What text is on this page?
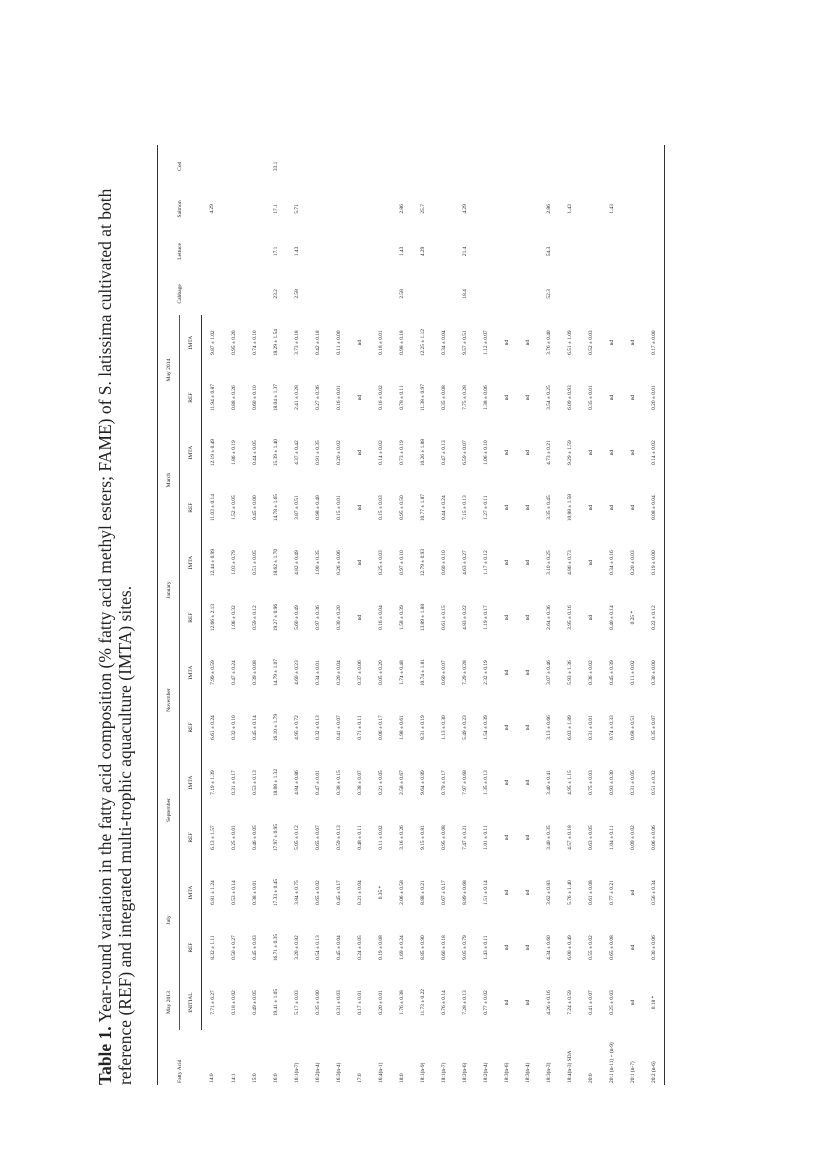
Table 1. Year-round variation in the fatty acid composition (% fatty acid methyl esters; FAME) of S. latissima cultivated at both reference (REF) and integrated multi-trophic aquaculture (IMTA) sites.	Fatty Acid	May 2013	July		September		November		January		March		May 2014		Cabbage	Lettuce	Salmon	Cod
	INITIAL	REF	IMTA	REF	IMTA	REF	IMTA	REF	IMTA	REF	IMTA	REF	IMTA				
14:0	7.71 ± 0.27	8.32 ± 1.11	6.81 ± 1.24	6.13 ± 1.57	7.19 ± 1.39	6.61 ± 0.24	7.99 ± 0.59	12.66 ± 2.13	12.44 ± 0.99	11.03 ± 0.14	12.19 ± 0.49	11.94 ± 0.87	9.87 ± 1.02			4.29	
14:1	0.18 ± 0.02	0.50 ± 0.27	0.53 ± 0.14	0.25 ± 0.01	0.31 ± 0.17	0.32 ± 0.10	0.47 ± 0.24	1.06 ± 0.32	1.03 ± 0.79	1.52 ± 0.05	1.86 ± 0.19	0.88 ± 0.26	0.95 ± 0.20				
15:0	0.49 ± 0.05	0.45 ± 0.03	0.38 ± 0.01	0.46 ± 0.05	0.53 ± 0.13	0.45 ± 0.14	0.39 ± 0.08	0.59 ± 0.12	0.51 ± 0.05	0.45 ± 0.00	0.44 ± 0.05	0.60 ± 0.10	0.74 ± 0.10				
16:0	19.41 ± 1.05	16.71 ± 0.35	17.33 ± 0.45	17.97 ± 0.95	18.08 ± 1.32	16.10 ± 1.79	14.79 ± 1.07	19.27 ± 0.96	18.62 ± 1.70	14.78 ± 1.65	15.39 ± 1.40	18.04 ± 1.37	18.29 ± 1.54	23.2	17.1	17.1	33.1
16:1(n-7)	5.17 ± 0.03	3.20 ± 0.82	3.84 ± 0.75	5.05 ± 0.12	4.84 ± 0.86	4.95 ± 0.72	4.60 ± 0.23	5.60 ± 0.49	4.82 ± 0.49	3.87 ± 0.51	4.37 ± 0.42	2.41 ± 0.28	3.73 ± 0.18	2.58	1.43	5.71	
16:2(n-4)	0.35 ± 0.00	0.54 ± 0.13	0.65 ± 0.02	0.65 ± 0.07	0.47 ± 0.01	0.32 ± 0.13	0.34 ± 0.01	0.97 ± 0.36	1.00 ± 0.35	0.98 ± 0.40	0.91 ± 0.35	0.27 ± 0.36	0.42 ± 0.18				
16:3(n-4)	0.31 ± 0.03	0.45 ± 0.04	0.45 ± 0.17	0.59 ± 0.13	0.38 ± 0.15	0.41 ± 0.07	0.20 ± 0.04	0.30 ± 0.20	0.26 ± 0.06	0.15 ± 0.01	0.20 ± 0.02	0.16 ± 0.01	0.11 ± 0.00				
17:0	0.17 ± 0.01	0.24 ± 0.05	0.21 ± 0.04	0.48 ± 0.11	0.38 ± 0.07	0.71 ± 0.11	0.37 ± 0.06	nd	nd	nd	nd	nd	nd				
16:4(n-1)	0.20 ± 0.01	0.19 ± 0.08	0.35 *	0.11 ± 0.02	0.21 ± 0.05	0.06 ± 0.17	0.05 ± 0.20	0.16 ± 0.04	0.25 ± 0.03	0.15 ± 0.03	0.14 ± 0.02	0.16 ± 0.02	0.18 ± 0.01				
18:0	1.76 ± 0.38	1.69 ± 0.24	2.06 ± 0.58	3.16 ± 0.26	2.58 ± 0.67	1.98 ± 0.61	1.74 ± 0.48	1.58 ± 0.39	0.97 ± 0.10	0.95 ± 0.50	0.73 ± 0.19	0.78 ± 0.11	0.98 ± 0.18	2.58	1.43	2.86	
18:1(n-9)	11.73 ± 0.22	8.85 ± 0.90	8.88 ± 0.21	9.15 ± 0.81	9.64 ± 0.89	8.31 ± 0.19	10.74 ± 1.81	13.89 ± 1.88	12.79 ± 0.93	10.77 ± 1.87	10.26 ± 1.88	11.38 ± 0.97	12.25 ± 1.12		4.29	25.7	
18:1(n-7)	0.76 ± 0.14	0.60 ± 0.18	0.67 ± 0.17	0.95 ± 0.08	0.79 ± 0.17	1.13 ± 0.30	0.60 ± 0.07	0.61 ± 0.15	0.60 ± 0.10	0.44 ± 0.24	0.47 ± 0.13	0.35 ± 0.08	0.34 ± 0.04				
18:2(n-6)	7.28 ± 0.13	9.05 ± 0.79	8.89 ± 0.68	7.47 ± 0.21	7.97 ± 0.68	5.49 ± 0.23	7.29 ± 0.28	4.83 ± 0.22	4.63 ± 0.27	7.15 ± 0.13	6.59 ± 0.07	7.75 ± 0.28	9.57 ± 0.51	18.4	21.4	4.29	
18:2(n-4)	0.77 ± 0.02	1.43 ± 0.11	1.51 ± 0.14	1.01 ± 0.11	1.35 ± 0.13	1.54 ± 0.39	2.32 ± 0.19	1.19 ± 0.17	1.17 ± 0.12	1.27 ± 0.11	1.06 ± 0.10	1.38 ± 0.06	1.12 ± 0.07				
18:3(n-6)	nd	nd	nd	nd	nd	nd	nd	nd	nd	nd	nd	nd	nd				
18:3(n-4)	nd	nd	nd	nd	nd	nd	nd	nd	nd	nd	nd	nd	nd				
18:3(n-3)	4.26 ± 0.16	4.34 ± 0.60	3.62 ± 0.83	3.40 ± 0.35	3.40 ± 0.41	3.13 ± 0.66	3.07 ± 0.46	2.64 ± 0.36	3.10 ± 0.25	3.35 ± 0.45	4.73 ± 0.21	3.54 ± 0.25	3.76 ± 0.40	52.3	54.3	2.86	
18:4(n-3) SDA	7.24 ± 0.59	6.00 ± 0.49	5.76 ± 1.40	4.57 ± 0.18	4.95 ± 1.15	6.03 ± 1.89	5.93 ± 1.36	3.95 ± 0.16	4.86 ± 0.73	10.88 ± 1.58	9.29 ± 1.59	6.09 ± 0.93	6.51 ± 1.09			1.43	
20:0	0.41 ± 0.07	0.55 ± 0.02	0.61 ± 0.08	0.63 ± 0.05	0.75 ± 0.03	0.31 ± 0.01	0.36 ± 0.02	nd	nd	nd	nd	0.35 ± 0.01	0.52 ± 0.03				
20:1 (n-11) + (n-9)	0.25 ± 0.03	0.65 ± 0.08	0.77 ± 0.21	1.04 ± 0.11	0.93 ± 0.30	0.74 ± 0.33	0.45 ± 0.39	0.40 ± 0.14	0.34 ± 0.16	nd	nd	nd	nd			1.43	
20:1 (n-7)	nd	nd	nd	0.09 ± 0.02	0.31 ± 0.05	0.68 ± 0.51	0.11 ± 0.02	0.25 *	0.20 ± 0.03	nd	nd	nd	nd				
20:2 (n-6)	0.18 *	0.30 ± 0.06	0.56 ± 0.34	0.06 ± 0.06	0.51 ± 0.32	0.35 ± 0.07	0.30 ± 0.00	0.22 ± 0.12	0.19 ± 0.00	0.08 ± 0.04	0.14 ± 0.02	0.20 ± 0.01	0.17 ± 0.00				
